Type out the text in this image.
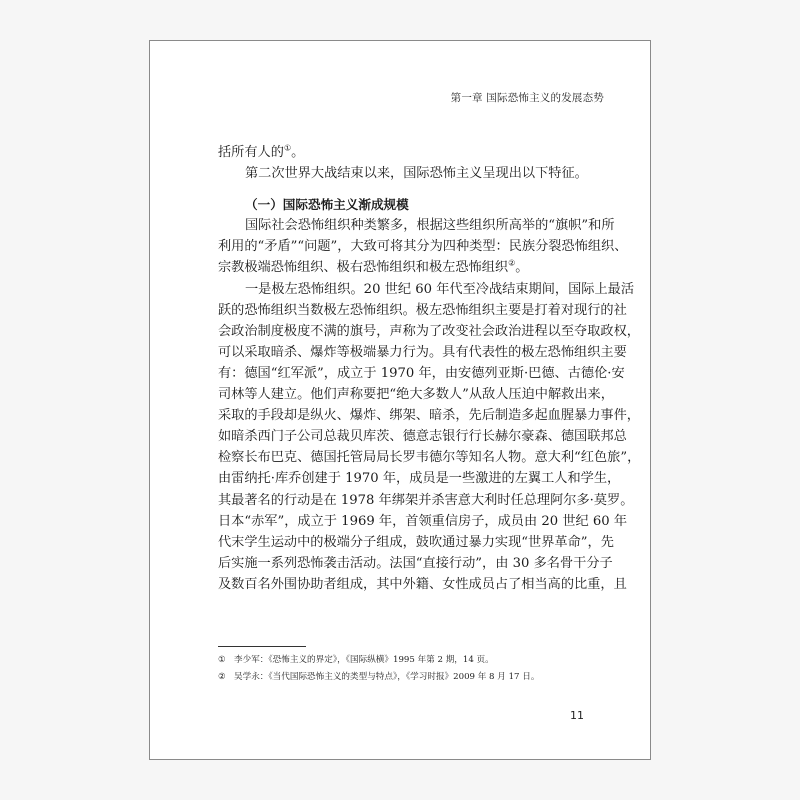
第一章 国际恐怖主义的发展态势
括所有人的①。
第二次世界大战结束以来，国际恐怖主义呈现出以下特征。
（一）国际恐怖主义渐成规模
国际社会恐怖组织种类繁多，根据这些组织所高举的“旗帜”和所
利用的“矛盾”“问题”，大致可将其分为四种类型：民族分裂恐怖组织、
宗教极端恐怖组织、极右恐怖组织和极左恐怖组织②。
一是极左恐怖组织。20 世纪 60 年代至冷战结束期间，国际上最活
跃的恐怖组织当数极左恐怖组织。极左恐怖组织主要是打着对现行的社
会政治制度极度不满的旗号，声称为了改变社会政治进程以至夺取政权，
可以采取暗杀、爆炸等极端暴力行为。具有代表性的极左恐怖组织主要
有：德国“红军派”，成立于 1970 年，由安德列亚斯·巴德、古德伦·安
司林等人建立。他们声称要把“绝大多数人”从敌人压迫中解救出来，
采取的手段却是纵火、爆炸、绑架、暗杀，先后制造多起血腥暴力事件，
如暗杀西门子公司总裁贝库茨、德意志银行行长赫尔豪森、德国联邦总
检察长布巴克、德国托管局局长罗韦德尔等知名人物。意大利“红色旅”，
由雷纳托·库乔创建于 1970 年，成员是一些激进的左翼工人和学生，
其最著名的行动是在 1978 年绑架并杀害意大利时任总理阿尔多·莫罗。
日本“赤军”，成立于 1969 年，首领重信房子，成员由 20 世纪 60 年
代末学生运动中的极端分子组成，鼓吹通过暴力实现“世界革命”，先
后实施一系列恐怖袭击活动。法国“直接行动”，由 30 多名骨干分子
及数百名外围协助者组成，其中外籍、女性成员占了相当高的比重，且
① 李少军：《恐怖主义的界定》，《国际纵横》1995 年第 2 期，14 页。
② 吴学永：《当代国际恐怖主义的类型与特点》，《学习时报》2009 年 8 月 17 日。
11
